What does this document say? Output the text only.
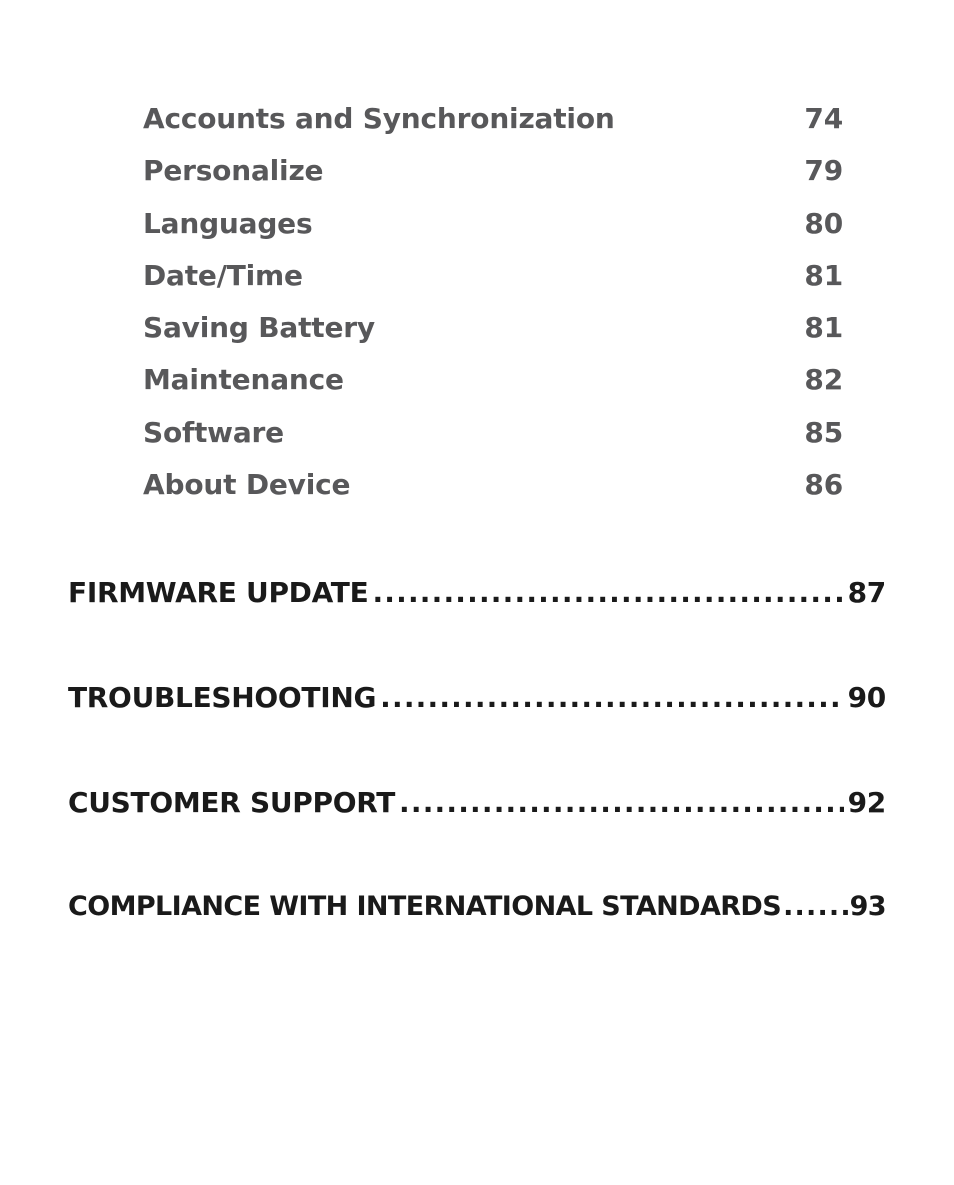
Accounts and Synchronization	74
Personalize	79
Languages	80
Date/Time	81
Saving Battery	81
Maintenance	82
Software	85
About Device	86
FIRMWARE UPDATE .....	87
TROUBLESHOOTING .....	90
CUSTOMER SUPPORT .....	92
COMPLIANCE WITH INTERNATIONAL STANDARDS .....	93
